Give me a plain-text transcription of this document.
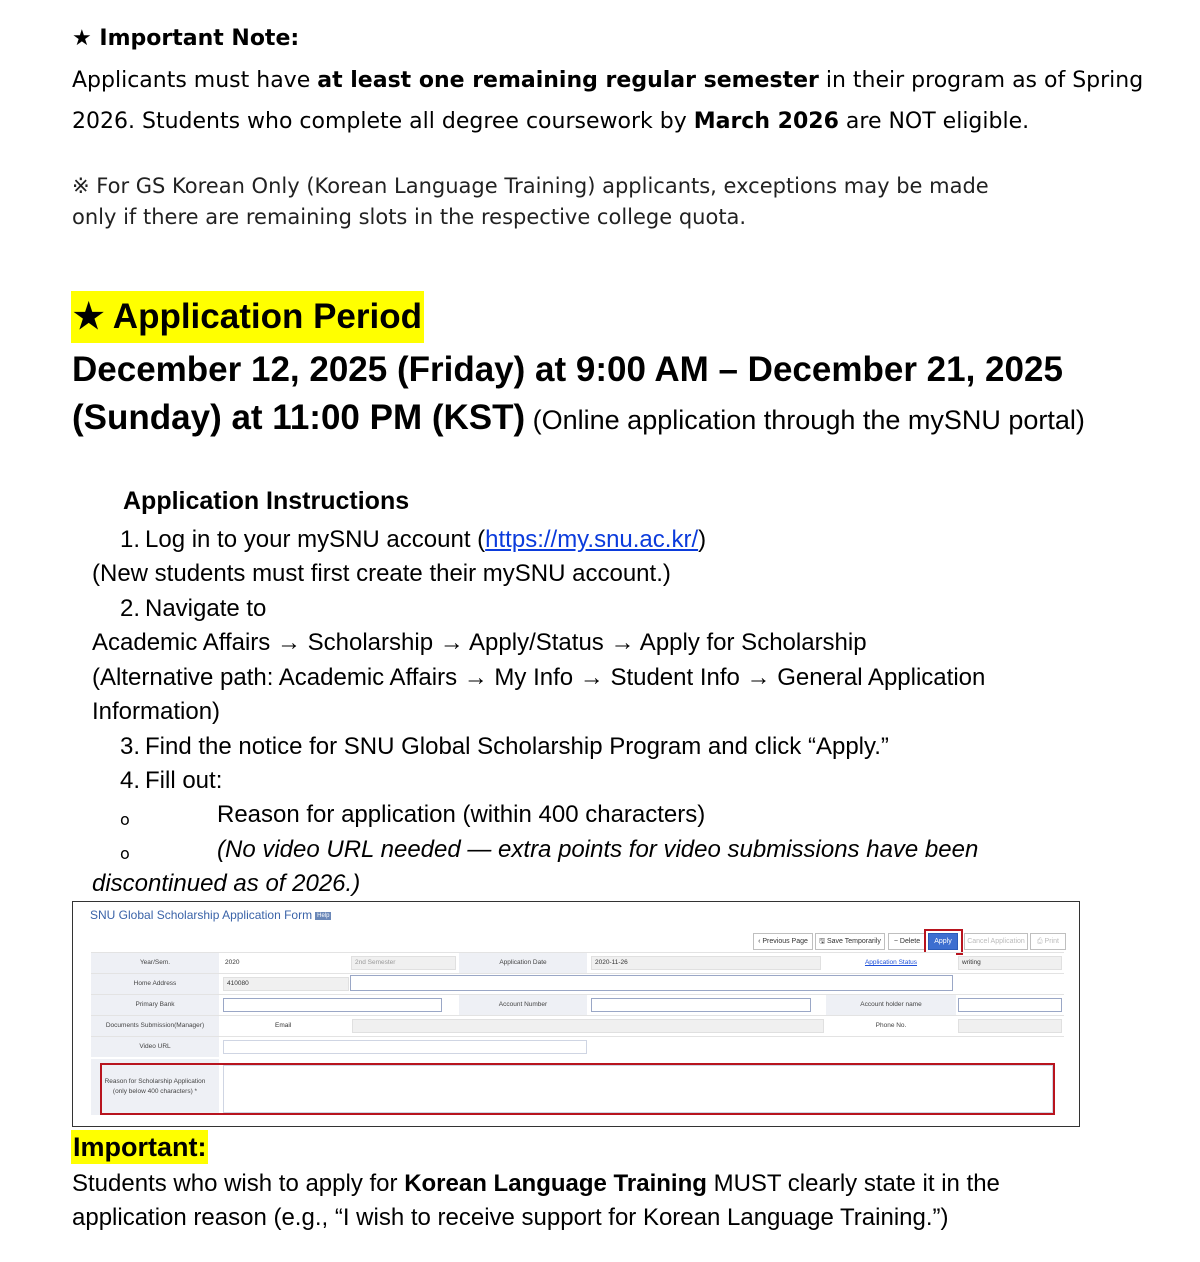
★ Important Note:
Applicants must have at least one remaining regular semester in their program as of Spring
2026. Students who complete all degree coursework by March 2026 are NOT eligible.
※ For GS Korean Only (Korean Language Training) applicants, exceptions may be made
only if there are remaining slots in the respective college quota.
★ Application Period
December 12, 2025 (Friday) at 9:00 AM – December 21, 2025
(Sunday) at 11:00 PM (KST) (Online application through the mySNU portal)
Application Instructions
1. Log in to your mySNU account (https://my.snu.ac.kr/)
(New students must first create their mySNU account.)
2. Navigate to
Academic Affairs → Scholarship → Apply/Status → Apply for Scholarship
(Alternative path: Academic Affairs → My Info → Student Info → General Application
Information)
3. Find the notice for SNU Global Scholarship Program and click “Apply.”
4. Fill out:
o	Reason for application (within 400 characters)
o	(No video URL needed — extra points for video submissions have been
discontinued as of 2026.)
SNU Global Scholarship Application Form Help
‹ Previous Page	🖫 Save Temporarily	− Delete	Apply	Cancel Application	⎙ Print
Year/Sem.	2020	2nd Semester	Application Date	2020-11-26	Application Status	writing
Home Address	410080
Primary Bank	Account Number	Account holder name
Documents Submission(Manager)	Email	Phone No.
Video URL
Reason for Scholarship Application
(only below 400 characters) *
Important:
Students who wish to apply for Korean Language Training MUST clearly state it in the
application reason (e.g., “I wish to receive support for Korean Language Training.”)
